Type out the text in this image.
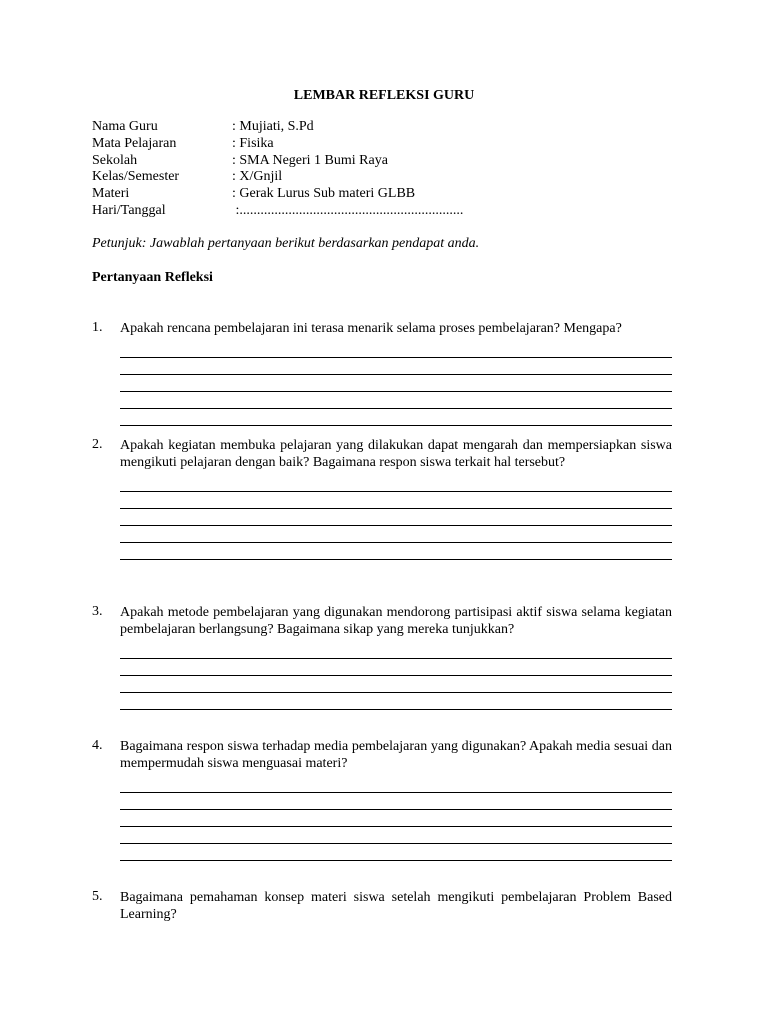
LEMBAR REFLEKSI GURU
Nama Guru	: Mujiati, S.Pd
Mata Pelajaran	: Fisika
Sekolah	: SMA Negeri 1 Bumi Raya
Kelas/Semester	: X/Gnjil
Materi	: Gerak Lurus Sub materi GLBB
Hari/Tanggal	:................................................................
Petunjuk: Jawablah pertanyaan berikut berdasarkan pendapat anda.
Pertanyaan Refleksi
1. Apakah rencana pembelajaran ini terasa menarik selama proses pembelajaran? Mengapa?
2. Apakah kegiatan membuka pelajaran yang dilakukan dapat mengarah dan mempersiapkan siswa mengikuti pelajaran dengan baik? Bagaimana respon siswa terkait hal tersebut?
3. Apakah metode pembelajaran yang digunakan mendorong partisipasi aktif siswa selama kegiatan pembelajaran berlangsung? Bagaimana sikap yang mereka tunjukkan?
4. Bagaimana respon siswa terhadap media pembelajaran yang digunakan? Apakah media sesuai dan mempermudah siswa menguasai materi?
5. Bagaimana pemahaman konsep materi siswa setelah mengikuti pembelajaran Problem Based Learning?
